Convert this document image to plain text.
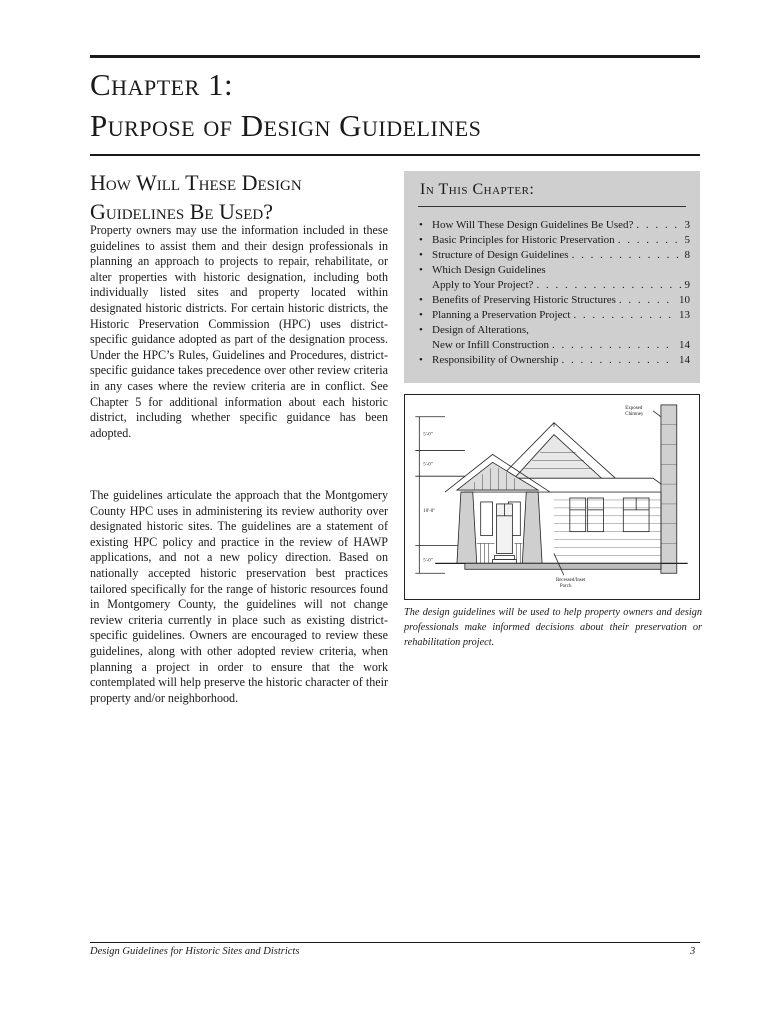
Chapter 1:
Purpose of Design Guidelines
How Will These Design Guidelines Be Used?

Property owners may use the information included in these guidelines to assist them and their design professionals in planning an approach to projects to repair, rehabilitate, or alter properties with historic designation, including both individually listed sites and property located within designated historic districts. For certain historic districts, the Historic Preservation Commission (HPC) uses district-specific guidance adopted as part of the designation process. Under the HPC’s Rules, Guidelines and Procedures, district-specific guidance takes precedence over other review criteria in any cases where the review criteria are in conflict. See Chapter 5 for additional information about each historic district, including whether specific guidance has been adopted.

The guidelines articulate the approach that the Montgomery County HPC uses in administering its review authority over designated historic sites. The guidelines are a statement of existing HPC policy and practice in the review of HAWP applications, and not a new policy direction. Based on nationally accepted historic preservation best practices tailored specifically for the range of historic resources found in Montgomery County, the guidelines will not change review criteria currently in place such as existing district-specific guidelines. Owners are encouraged to review these guidelines, along with other adopted review criteria, when planning a project in order to ensure that the work contemplated will help preserve the historic character of their property and/or neighborhood.

In This Chapter:
• How Will These Design Guidelines Be Used? . . .	3
• Basic Principles for Historic Preservation . . .	5
• Structure of Design Guidelines . . .	8
• Which Design Guidelines
Apply to Your Project? . . .	9
• Benefits of Preserving Historic Structures . . .	10
• Planning a Preservation Project . . .	13
• Design of Alterations,
New or Infill Construction . . .	14
• Responsibility of Ownership . . .	14
5'-0"
5'-0"
10'-0"
5'-0"
Exposed
Chimney
Recessed/Inset
Porch
The design guidelines will be used to help property owners and design professionals make informed decisions about their preservation or rehabilitation project.
Design Guidelines for Historic Sites and Districts	3
